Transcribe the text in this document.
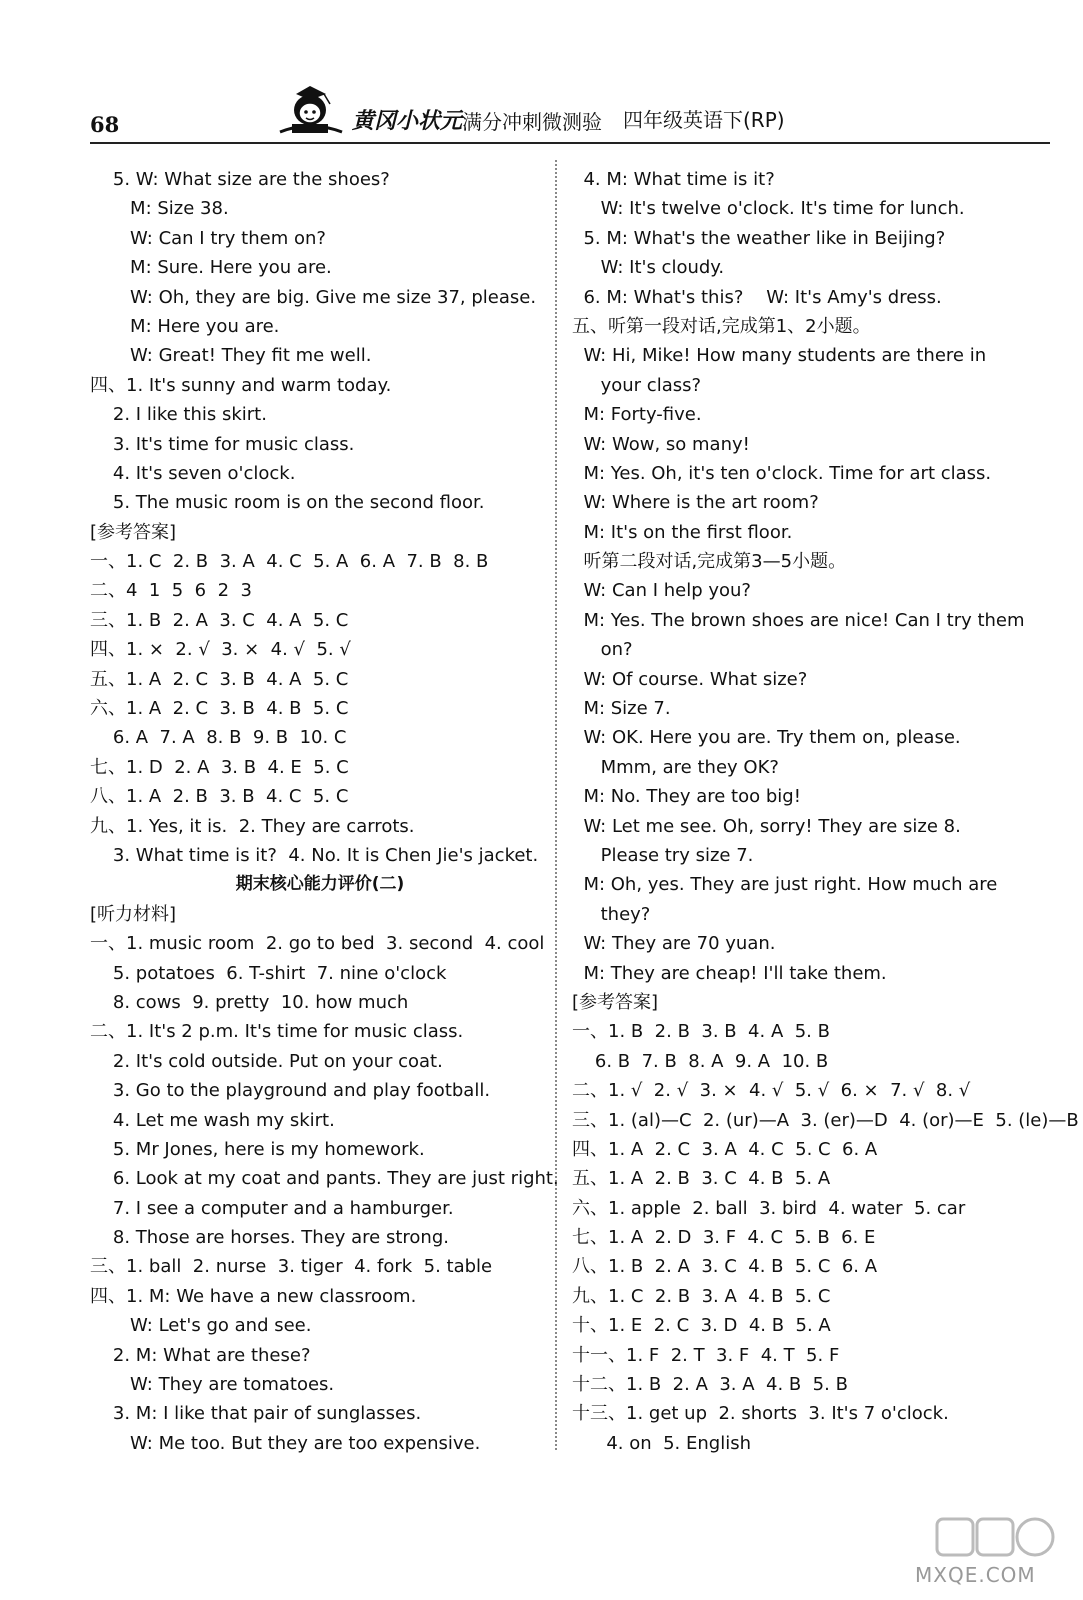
68	黄冈小状元 满分冲刺微测验 四年级英语下(RP)
5. W: What size are the shoes?
M: Size 38.
W: Can I try them on?
M: Sure. Here you are.
W: Oh, they are big. Give me size 37, please.
M: Here you are.
W: Great! They fit me well.
四、1. It's sunny and warm today.
2. I like this skirt.
3. It's time for music class.
4. It's seven o'clock.
5. The music room is on the second floor.
[参考答案]
一、1. C  2. B  3. A  4. C  5. A  6. A  7. B  8. B
二、4  1  5  6  2  3
三、1. B  2. A  3. C  4. A  5. C
四、1. ×  2. √  3. ×  4. √  5. √
五、1. A  2. C  3. B  4. A  5. C
六、1. A  2. C  3. B  4. B  5. C
6. A  7. A  8. B  9. B  10. C
七、1. D  2. A  3. B  4. E  5. C
八、1. A  2. B  3. B  4. C  5. C
九、1. Yes, it is.  2. They are carrots.
3. What time is it?  4. No. It is Chen Jie's jacket.
期末核心能力评价(二)
[听力材料]
一、1. music room  2. go to bed  3. second  4. cool
5. potatoes  6. T-shirt  7. nine o'clock
8. cows  9. pretty  10. how much
二、1. It's 2 p.m. It's time for music class.
2. It's cold outside. Put on your coat.
3. Go to the playground and play football.
4. Let me wash my skirt.
5. Mr Jones, here is my homework.
6. Look at my coat and pants. They are just right.
7. I see a computer and a hamburger.
8. Those are horses. They are strong.
三、1. ball  2. nurse  3. tiger  4. fork  5. table
四、1. M: We have a new classroom.
W: Let's go and see.
2. M: What are these?
W: They are tomatoes.
3. M: I like that pair of sunglasses.
W: Me too. But they are too expensive.
4. M: What time is it?
W: It's twelve o'clock. It's time for lunch.
5. M: What's the weather like in Beijing?
W: It's cloudy.
6. M: What's this?    W: It's Amy's dress.
五、听第一段对话,完成第1、2小题。
W: Hi, Mike! How many students are there in
your class?
M: Forty-five.
W: Wow, so many!
M: Yes. Oh, it's ten o'clock. Time for art class.
W: Where is the art room?
M: It's on the first floor.
听第二段对话,完成第3—5小题。
W: Can I help you?
M: Yes. The brown shoes are nice! Can I try them
on?
W: Of course. What size?
M: Size 7.
W: OK. Here you are. Try them on, please.
Mmm, are they OK?
M: No. They are too big!
W: Let me see. Oh, sorry! They are size 8.
Please try size 7.
M: Oh, yes. They are just right. How much are
they?
W: They are 70 yuan.
M: They are cheap! I'll take them.
[参考答案]
一、1. B  2. B  3. B  4. A  5. B
6. B  7. B  8. A  9. A  10. B
二、1. √  2. √  3. ×  4. √  5. √  6. ×  7. √  8. √
三、1. (al)—C  2. (ur)—A  3. (er)—D  4. (or)—E  5. (le)—B
四、1. A  2. C  3. A  4. C  5. C  6. A
五、1. A  2. B  3. C  4. B  5. A
六、1. apple  2. ball  3. bird  4. water  5. car
七、1. A  2. D  3. F  4. C  5. B  6. E
八、1. B  2. A  3. C  4. B  5. C  6. A
九、1. C  2. B  3. A  4. B  5. C
十、1. E  2. C  3. D  4. B  5. A
十一、1. F  2. T  3. F  4. T  5. F
十二、1. B  2. A  3. A  4. B  5. B
十三、1. get up  2. shorts  3. It's 7 o'clock.
4. on  5. English
MXQE.COM
